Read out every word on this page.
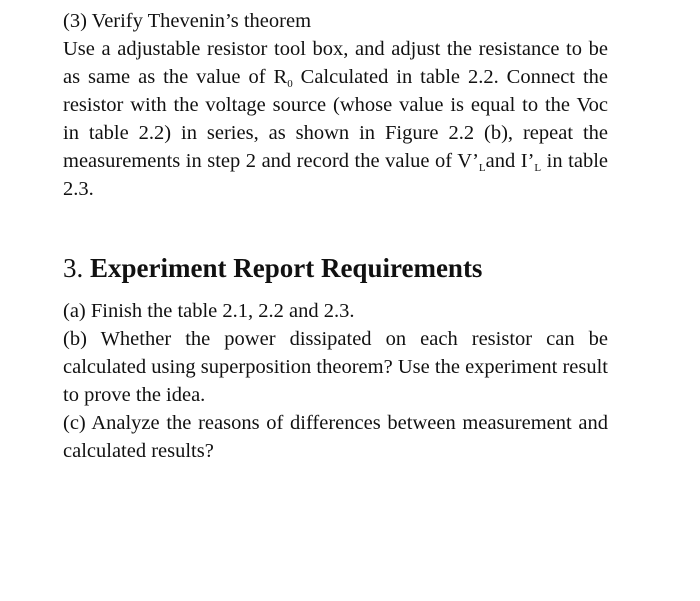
(3) Verify Thevenin’s theorem

Use a adjustable resistor tool box, and adjust the resistance to be as same as the value of $R_0$ Calculated in table 2.2. Connect the resistor with the voltage source (whose value is equal to the Voc in table 2.2) in series, as shown in Figure 2.2 (b), repeat the measurements in step 2 and record the value of $V’_Land$ $I’_L$ in table 2.3.

3. Experiment Report Requirements

(a) Finish the table 2.1, 2.2 and 2.3.

(b) Whether the power dissipated on each resistor can be calculated using superposition theorem? Use the experiment result to prove the idea.

(c) Analyze the reasons of differences between measurement and calculated results?
